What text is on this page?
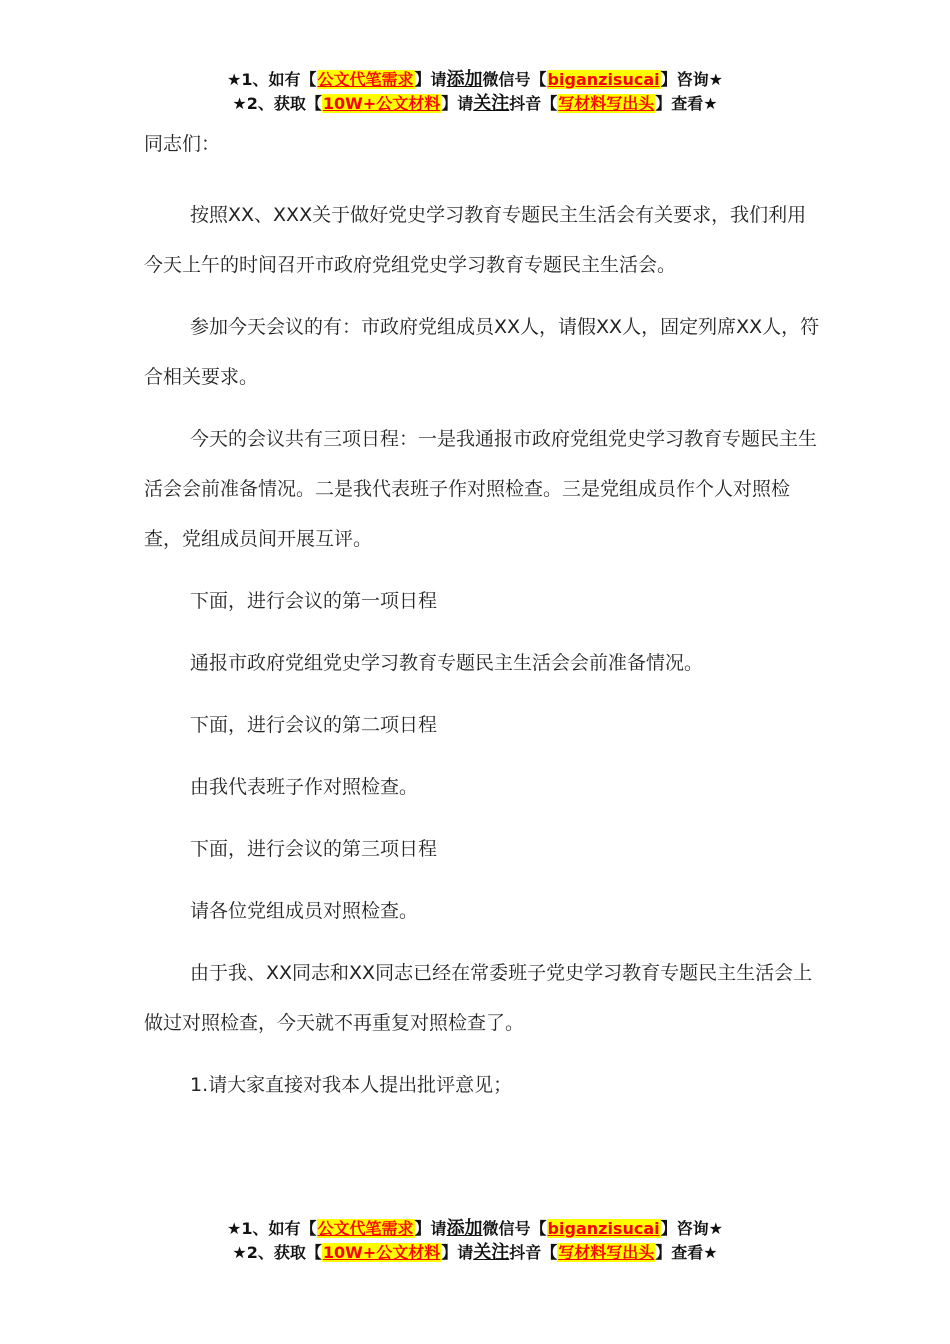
★1、如有【公文代笔需求】请添加微信号【biganzisucai】咨询★
★2、获取【10W+公文材料】请关注抖音【写材料写出头】查看★

同志们：

按照XX、XXX关于做好党史学习教育专题民主生活会有关要求，我们利用今天上午的时间召开市政府党组党史学习教育专题民主生活会。

参加今天会议的有：市政府党组成员XX人，请假XX人，固定列席XX人，符合相关要求。

今天的会议共有三项日程：一是我通报市政府党组党史学习教育专题民主生活会会前准备情况。二是我代表班子作对照检查。三是党组成员作个人对照检查，党组成员间开展互评。

下面，进行会议的第一项日程

通报市政府党组党史学习教育专题民主生活会会前准备情况。

下面，进行会议的第二项日程

由我代表班子作对照检查。

下面，进行会议的第三项日程

请各位党组成员对照检查。

由于我、XX同志和XX同志已经在常委班子党史学习教育专题民主生活会上做过对照检查，今天就不再重复对照检查了。

1.请大家直接对我本人提出批评意见；

★1、如有【公文代笔需求】请添加微信号【biganzisucai】咨询★
★2、获取【10W+公文材料】请关注抖音【写材料写出头】查看★
